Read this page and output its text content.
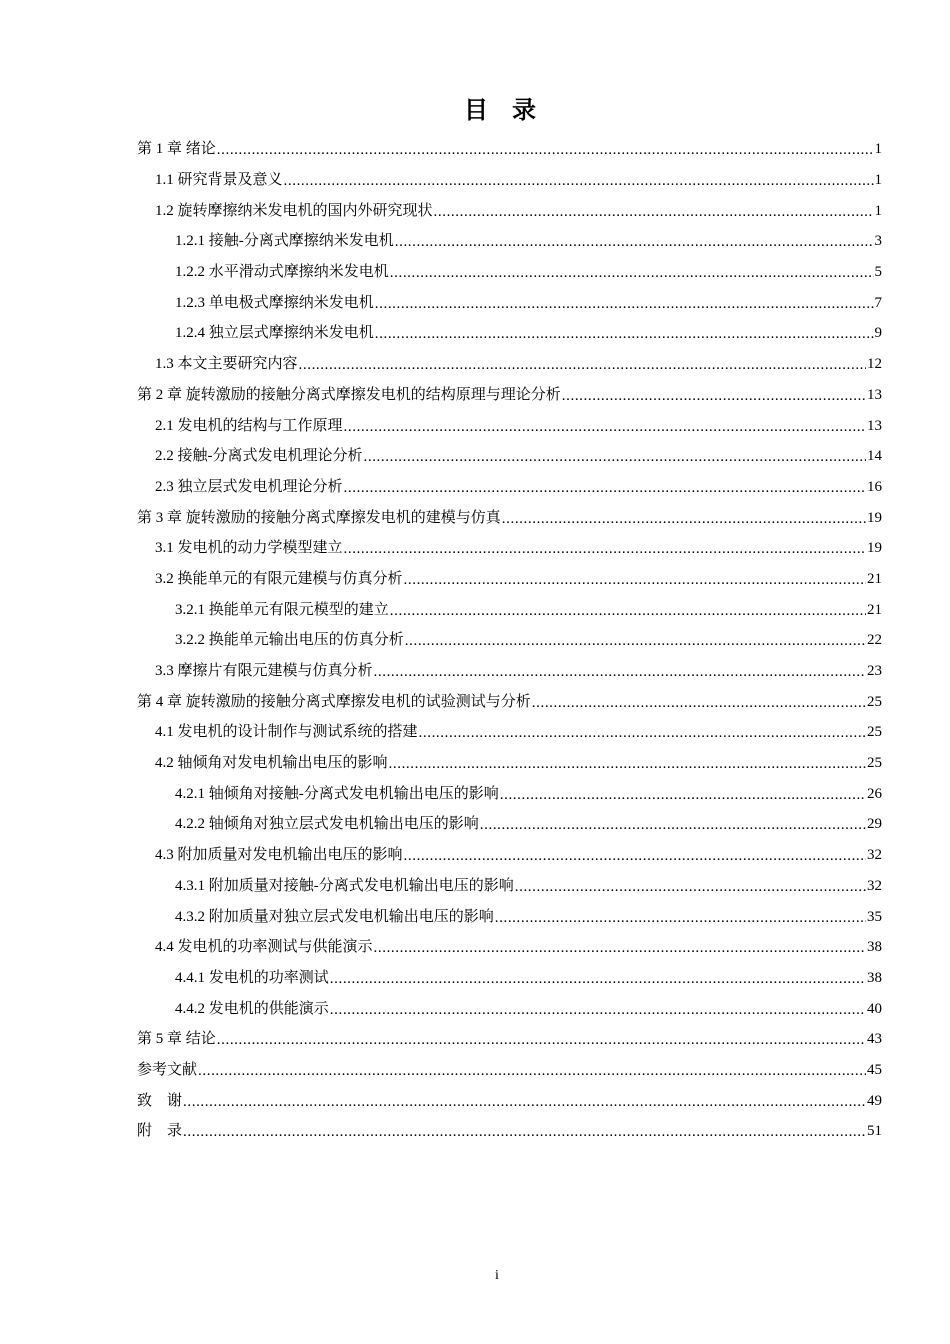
目　录
第 1 章 绪论 .....	1
1.1 研究背景及意义 .....	1
1.2 旋转摩擦纳米发电机的国内外研究现状 .....	1
1.2.1 接触-分离式摩擦纳米发电机 .....	3
1.2.2 水平滑动式摩擦纳米发电机 .....	5
1.2.3 单电极式摩擦纳米发电机 .....	7
1.2.4 独立层式摩擦纳米发电机 .....	9
1.3 本文主要研究内容 .....	12
第 2 章 旋转激励的接触分离式摩擦发电机的结构原理与理论分析 .....	13
2.1 发电机的结构与工作原理 .....	13
2.2 接触-分离式发电机理论分析 .....	14
2.3 独立层式发电机理论分析 .....	16
第 3 章 旋转激励的接触分离式摩擦发电机的建模与仿真 .....	19
3.1 发电机的动力学模型建立 .....	19
3.2 换能单元的有限元建模与仿真分析 .....	21
3.2.1 换能单元有限元模型的建立 .....	21
3.2.2 换能单元输出电压的仿真分析 .....	22
3.3 摩擦片有限元建模与仿真分析 .....	23
第 4 章 旋转激励的接触分离式摩擦发电机的试验测试与分析 .....	25
4.1 发电机的设计制作与测试系统的搭建 .....	25
4.2 轴倾角对发电机输出电压的影响 .....	25
4.2.1 轴倾角对接触-分离式发电机输出电压的影响 .....	26
4.2.2 轴倾角对独立层式发电机输出电压的影响 .....	29
4.3 附加质量对发电机输出电压的影响 .....	32
4.3.1 附加质量对接触-分离式发电机输出电压的影响 .....	32
4.3.2 附加质量对独立层式发电机输出电压的影响 .....	35
4.4 发电机的功率测试与供能演示 .....	38
4.4.1 发电机的功率测试 .....	38
4.4.2 发电机的供能演示 .....	40
第 5 章 结论 .....	43
参考文献 .....	45
致　谢 .....	49
附　录 .....	51
i
